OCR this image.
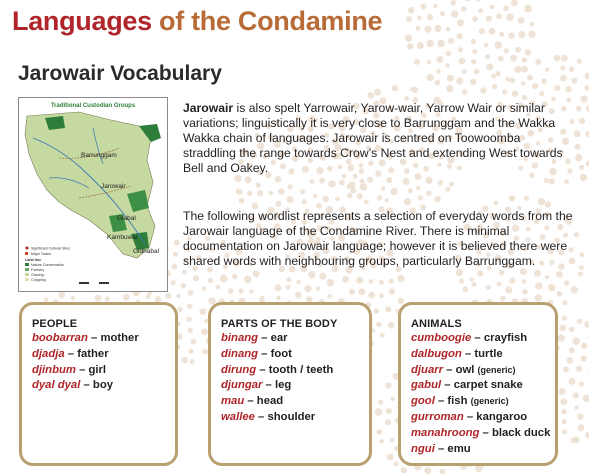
Languages of the Condamine
Jarowair Vocabulary
Traditional Custodian Groups
Barrunggam
Jarowair
Giabal
Kambuwal
Gidhabal
Significant Cultural Sites
Major Towns
Land Use
Nature Conservation
Forestry
Grazing
Cropping
Jarowair is also spelt Yarrowair, Yarow-wair, Yarrow Wair or similar variations; linguistically it is very close to Barrunggam and the Wakka Wakka chain of languages. Jarowair is centred on Toowoomba straddling the range towards Crow’s Nest and extending West towards Bell and Oakey.
The following wordlist represents a selection of everyday words from the Jarowair language of the Condamine River. There is minimal documentation on Jarowair language; however it is believed there were shared words with neighbouring groups, particularly Barrunggam.
PEOPLE
boobarran – mother
djadja – father
djinbum – girl
dyal dyal – boy
PARTS OF THE BODY
binang – ear
dinang – foot
dirung – tooth / teeth
djungar – leg
mau – head
wallee – shoulder
ANIMALS
cumboogie – crayfish
dalbugon – turtle
djuarr – owl (generic)
gabul – carpet snake
gool – fish (generic)
gurroman – kangaroo
manahroong – black duck
ngui – emu
